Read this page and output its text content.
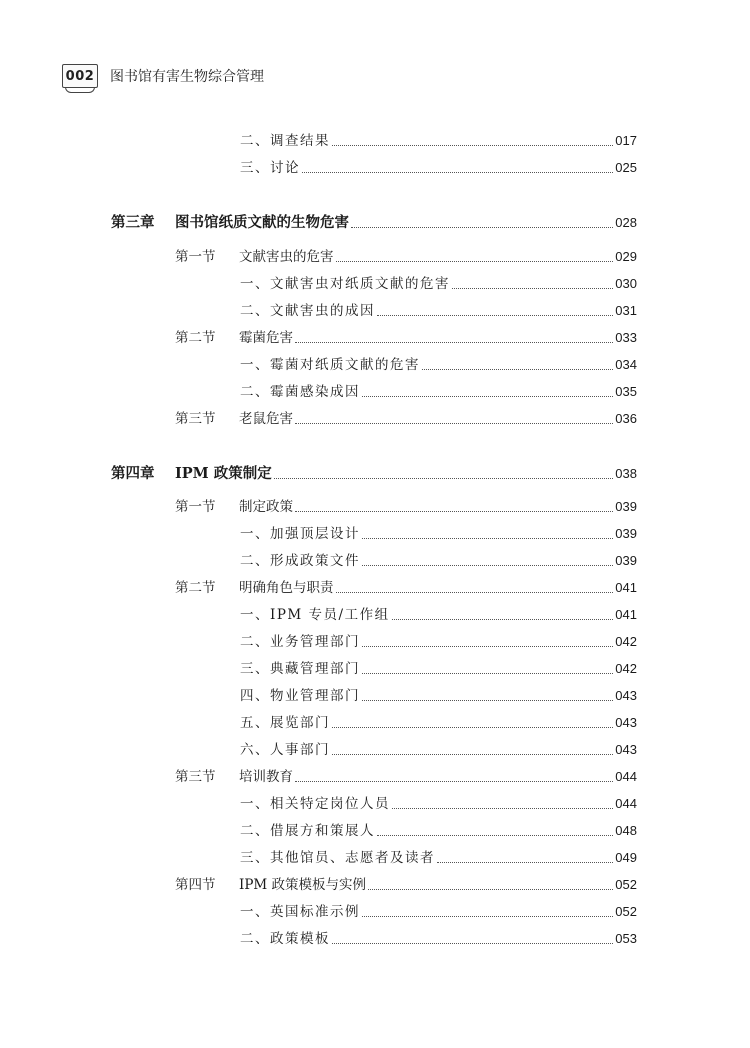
002 图书馆有害生物综合管理
二、调查结果	017
三、讨论	025
第三章	图书馆纸质文献的生物危害	028
第一节	文献害虫的危害	029
一、文献害虫对纸质文献的危害	030
二、文献害虫的成因	031
第二节	霉菌危害	033
一、霉菌对纸质文献的危害	034
二、霉菌感染成因	035
第三节	老鼠危害	036
第四章	IPM 政策制定	038
第一节	制定政策	039
一、加强顶层设计	039
二、形成政策文件	039
第二节	明确角色与职责	041
一、IPM 专员/工作组	041
二、业务管理部门	042
三、典藏管理部门	042
四、物业管理部门	043
五、展览部门	043
六、人事部门	043
第三节	培训教育	044
一、相关特定岗位人员	044
二、借展方和策展人	048
三、其他馆员、志愿者及读者	049
第四节	IPM 政策模板与实例	052
一、英国标准示例	052
二、政策模板	053
